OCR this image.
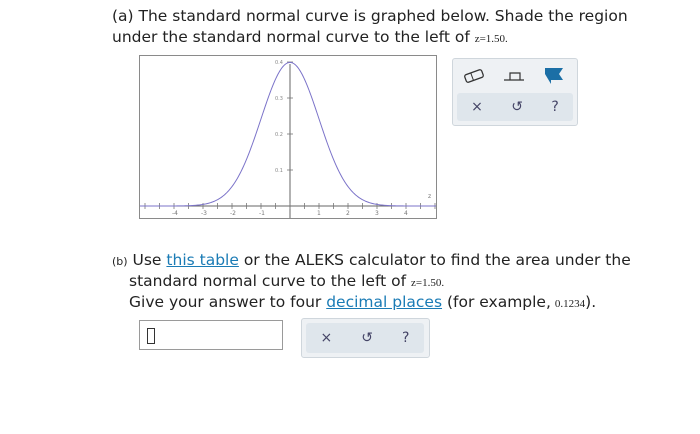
(a) The standard normal curve is graphed below. Shade the region
under the standard normal curve to the left of z=1.50.
-4	-3	-2	-1	1	2	3	4
z
0.4
0.3
0.2
0.1
× ↺ ?
(b) Use this table or the ALEKS calculator to find the area under the
standard normal curve to the left of z=1.50.
Give your answer to four decimal places (for example, 0.1234).
× ↺ ?
